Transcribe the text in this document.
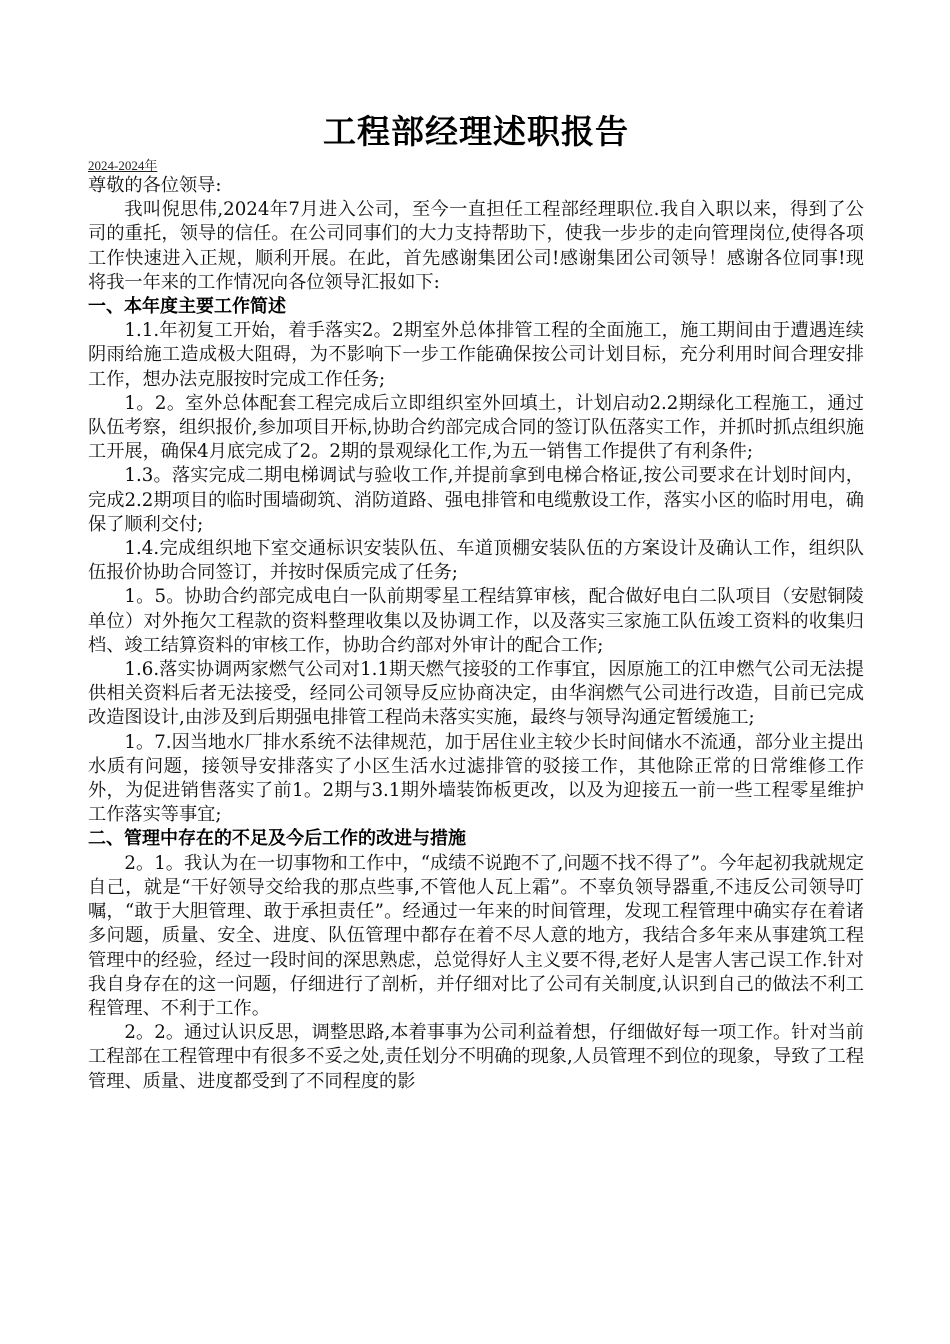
工程部经理述职报告

2024-2024年

尊敬的各位领导:

我叫倪思伟,2024年7月进入公司，至今一直担任工程部经理职位.我自入职以来，得到了公司的重托，领导的信任。在公司同事们的大力支持帮助下，使我一步步的走向管理岗位,使得各项工作快速进入正规，顺利开展。在此，首先感谢集团公司!感谢集团公司领导！感谢各位同事!现将我一年来的工作情况向各位领导汇报如下:

一、本年度主要工作简述

1.1.年初复工开始，着手落实2。2期室外总体排管工程的全面施工，施工期间由于遭遇连续阴雨给施工造成极大阻碍，为不影响下一步工作能确保按公司计划目标，充分利用时间合理安排工作，想办法克服按时完成工作任务;

1。2。室外总体配套工程完成后立即组织室外回填土，计划启动2.2期绿化工程施工，通过队伍考察，组织报价,参加项目开标,协助合约部完成合同的签订队伍落实工作，并抓时抓点组织施工开展，确保4月底完成了2。2期的景观绿化工作,为五一销售工作提供了有利条件;

1.3。落实完成二期电梯调试与验收工作,并提前拿到电梯合格证,按公司要求在计划时间内，完成2.2期项目的临时围墙砌筑、消防道路、强电排管和电缆敷设工作，落实小区的临时用电，确保了顺利交付;

1.4.完成组织地下室交通标识安装队伍、车道顶棚安装队伍的方案设计及确认工作，组织队伍报价协助合同签订，并按时保质完成了任务;

1。5。协助合约部完成电白一队前期零星工程结算审核，配合做好电白二队项目（安慰铜陵单位）对外拖欠工程款的资料整理收集以及协调工作，以及落实三家施工队伍竣工资料的收集归档、竣工结算资料的审核工作，协助合约部对外审计的配合工作;

1.6.落实协调两家燃气公司对1.1期天燃气接驳的工作事宜，因原施工的江申燃气公司无法提供相关资料后者无法接受，经同公司领导反应协商决定，由华润燃气公司进行改造，目前已完成改造图设计,由涉及到后期强电排管工程尚未落实实施，最终与领导沟通定暂缓施工;

1。7.因当地水厂排水系统不法律规范，加于居住业主较少长时间储水不流通，部分业主提出水质有问题，接领导安排落实了小区生活水过滤排管的驳接工作，其他除正常的日常维修工作外，为促进销售落实了前1。2期与3.1期外墙装饰板更改，以及为迎接五一前一些工程零星维护工作落实等事宜;

二、管理中存在的不足及今后工作的改进与措施

2。1。我认为在一切事物和工作中，“成绩不说跑不了,问题不找不得了”。今年起初我就规定自己，就是“干好领导交给我的那点些事,不管他人瓦上霜”。不辜负领导器重,不违反公司领导叮嘱，“敢于大胆管理、敢于承担责任”。经通过一年来的时间管理，发现工程管理中确实存在着诸多问题，质量、安全、进度、队伍管理中都存在着不尽人意的地方，我结合多年来从事建筑工程管理中的经验，经过一段时间的深思熟虑，总觉得好人主义要不得,老好人是害人害己误工作.针对我自身存在的这一问题，仔细进行了剖析，并仔细对比了公司有关制度,认识到自己的做法不利工程管理、不利于工作。

2。2。通过认识反思，调整思路,本着事事为公司利益着想，仔细做好每一项工作。针对当前工程部在工程管理中有很多不妥之处,责任划分不明确的现象,人员管理不到位的现象，导致了工程管理、质量、进度都受到了不同程度的影
